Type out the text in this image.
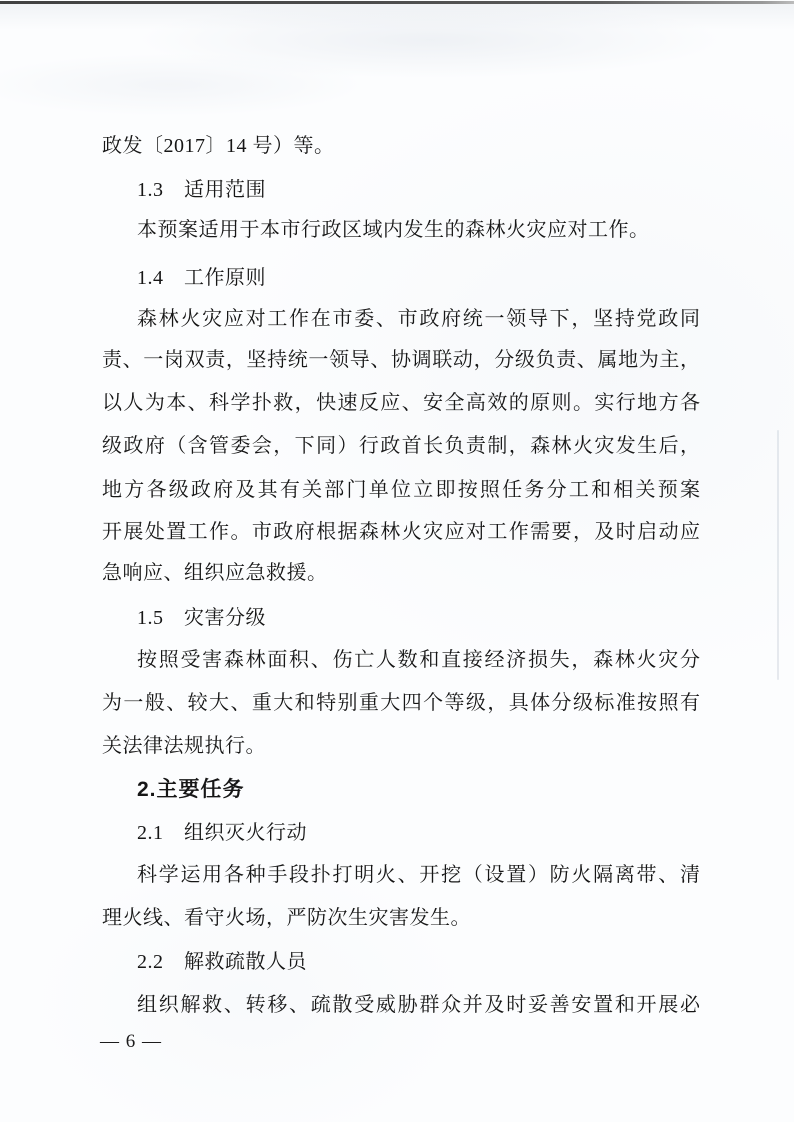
政发〔2017〕14 号）等。
1.3　适用范围
本预案适用于本市行政区域内发生的森林火灾应对工作。
1.4　工作原则
森林火灾应对工作在市委、市政府统一领导下，坚持党政同
责、一岗双责，坚持统一领导、协调联动，分级负责、属地为主，
以人为本、科学扑救，快速反应、安全高效的原则。实行地方各
级政府（含管委会，下同）行政首长负责制，森林火灾发生后，
地方各级政府及其有关部门单位立即按照任务分工和相关预案
开展处置工作。市政府根据森林火灾应对工作需要，及时启动应
急响应、组织应急救援。
1.5　灾害分级
按照受害森林面积、伤亡人数和直接经济损失，森林火灾分
为一般、较大、重大和特别重大四个等级，具体分级标准按照有
关法律法规执行。
2.主要任务
2.1　组织灭火行动
科学运用各种手段扑打明火、开挖（设置）防火隔离带、清
理火线、看守火场，严防次生灾害发生。
2.2　解救疏散人员
组织解救、转移、疏散受威胁群众并及时妥善安置和开展必
— 6 —
